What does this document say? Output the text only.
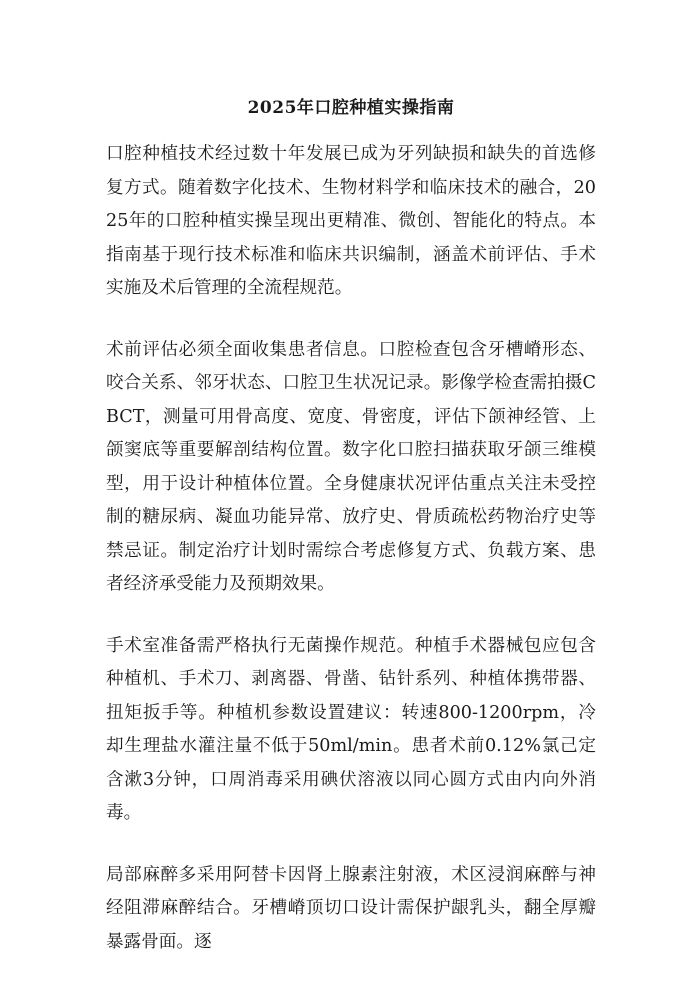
2025年口腔种植实操指南

口腔种植技术经过数十年发展已成为牙列缺损和缺失的首选修复方式。随着数字化技术、生物材料学和临床技术的融合，2025年的口腔种植实操呈现出更精准、微创、智能化的特点。本指南基于现行技术标准和临床共识编制，涵盖术前评估、手术实施及术后管理的全流程规范。

术前评估必须全面收集患者信息。口腔检查包含牙槽嵴形态、咬合关系、邻牙状态、口腔卫生状况记录。影像学检查需拍摄CBCT，测量可用骨高度、宽度、骨密度，评估下颌神经管、上颌窦底等重要解剖结构位置。数字化口腔扫描获取牙颌三维模型，用于设计种植体位置。全身健康状况评估重点关注未受控制的糖尿病、凝血功能异常、放疗史、骨质疏松药物治疗史等禁忌证。制定治疗计划时需综合考虑修复方式、负载方案、患者经济承受能力及预期效果。

手术室准备需严格执行无菌操作规范。种植手术器械包应包含种植机、手术刀、剥离器、骨凿、钻针系列、种植体携带器、扭矩扳手等。种植机参数设置建议：转速800-1200rpm，冷却生理盐水灌注量不低于50ml/min。患者术前0.12%氯己定含漱3分钟，口周消毒采用碘伏溶液以同心圆方式由内向外消毒。

局部麻醉多采用阿替卡因肾上腺素注射液，术区浸润麻醉与神经阻滞麻醉结合。牙槽嵴顶切口设计需保护龈乳头，翻全厚瓣暴露骨面。逐
